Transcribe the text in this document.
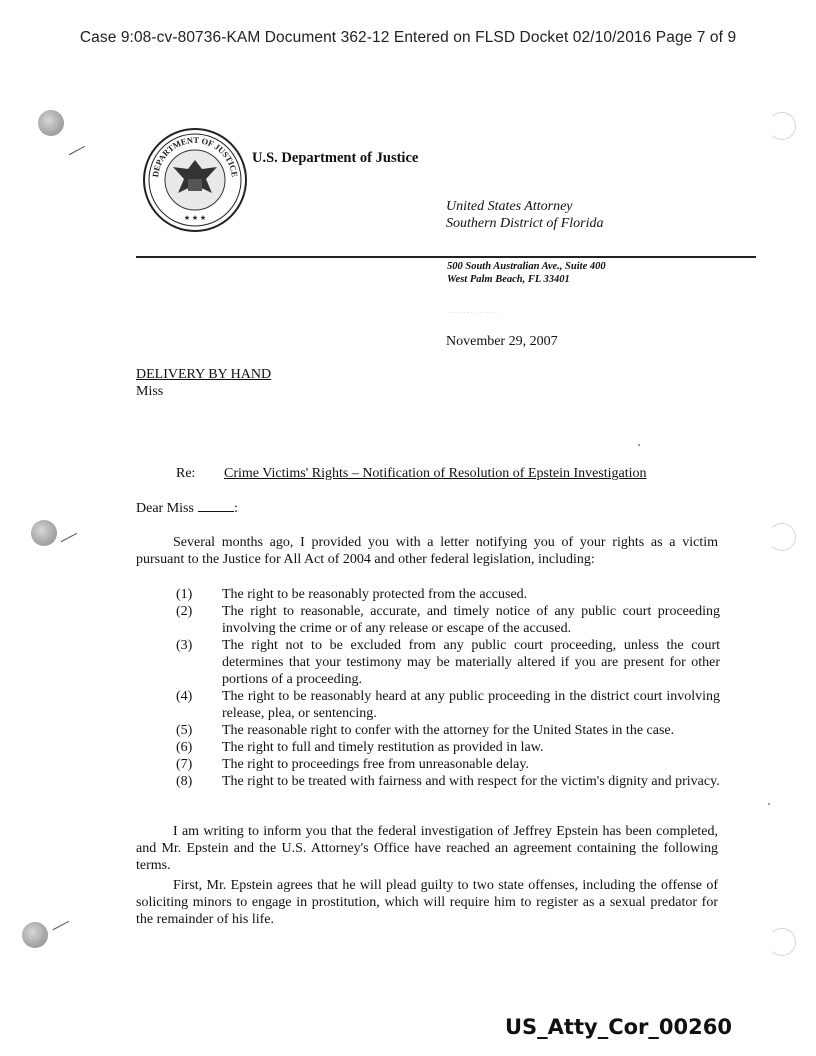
Case 9:08-cv-80736-KAM Document 362-12 Entered on FLSD Docket 02/10/2016 Page 7 of 9
DEPARTMENT OF JUSTICE
★ ★ ★
U.S. Department of Justice
United States Attorney
Southern District of Florida
500 South Australian Ave., Suite 400
West Palm Beach, FL 33401
········· ······
November 29, 2007
DELIVERY BY HAND
Miss
Re: Crime Victims' Rights – Notification of Resolution of Epstein Investigation
Dear Miss	:

Several months ago, I provided you with a letter notifying you of your rights as a victim pursuant to the Justice for All Act of 2004 and other federal legislation, including:

(1)	The right to be reasonably protected from the accused.
(2)	The right to reasonable, accurate, and timely notice of any public court proceeding involving the crime or of any release or escape of the accused.
(3)	The right not to be excluded from any public court proceeding, unless the court determines that your testimony may be materially altered if you are present for other portions of a proceeding.
(4)	The right to be reasonably heard at any public proceeding in the district court involving release, plea, or sentencing.
(5)	The reasonable right to confer with the attorney for the United States in the case.
(6)	The right to full and timely restitution as provided in law.
(7)	The right to proceedings free from unreasonable delay.
(8)	The right to be treated with fairness and with respect for the victim's dignity and privacy.

I am writing to inform you that the federal investigation of Jeffrey Epstein has been completed, and Mr. Epstein and the U.S. Attorney's Office have reached an agreement containing the following terms.

First, Mr. Epstein agrees that he will plead guilty to two state offenses, including the offense of soliciting minors to engage in prostitution, which will require him to register as a sexual predator for the remainder of his life.

US_Atty_Cor_00260
